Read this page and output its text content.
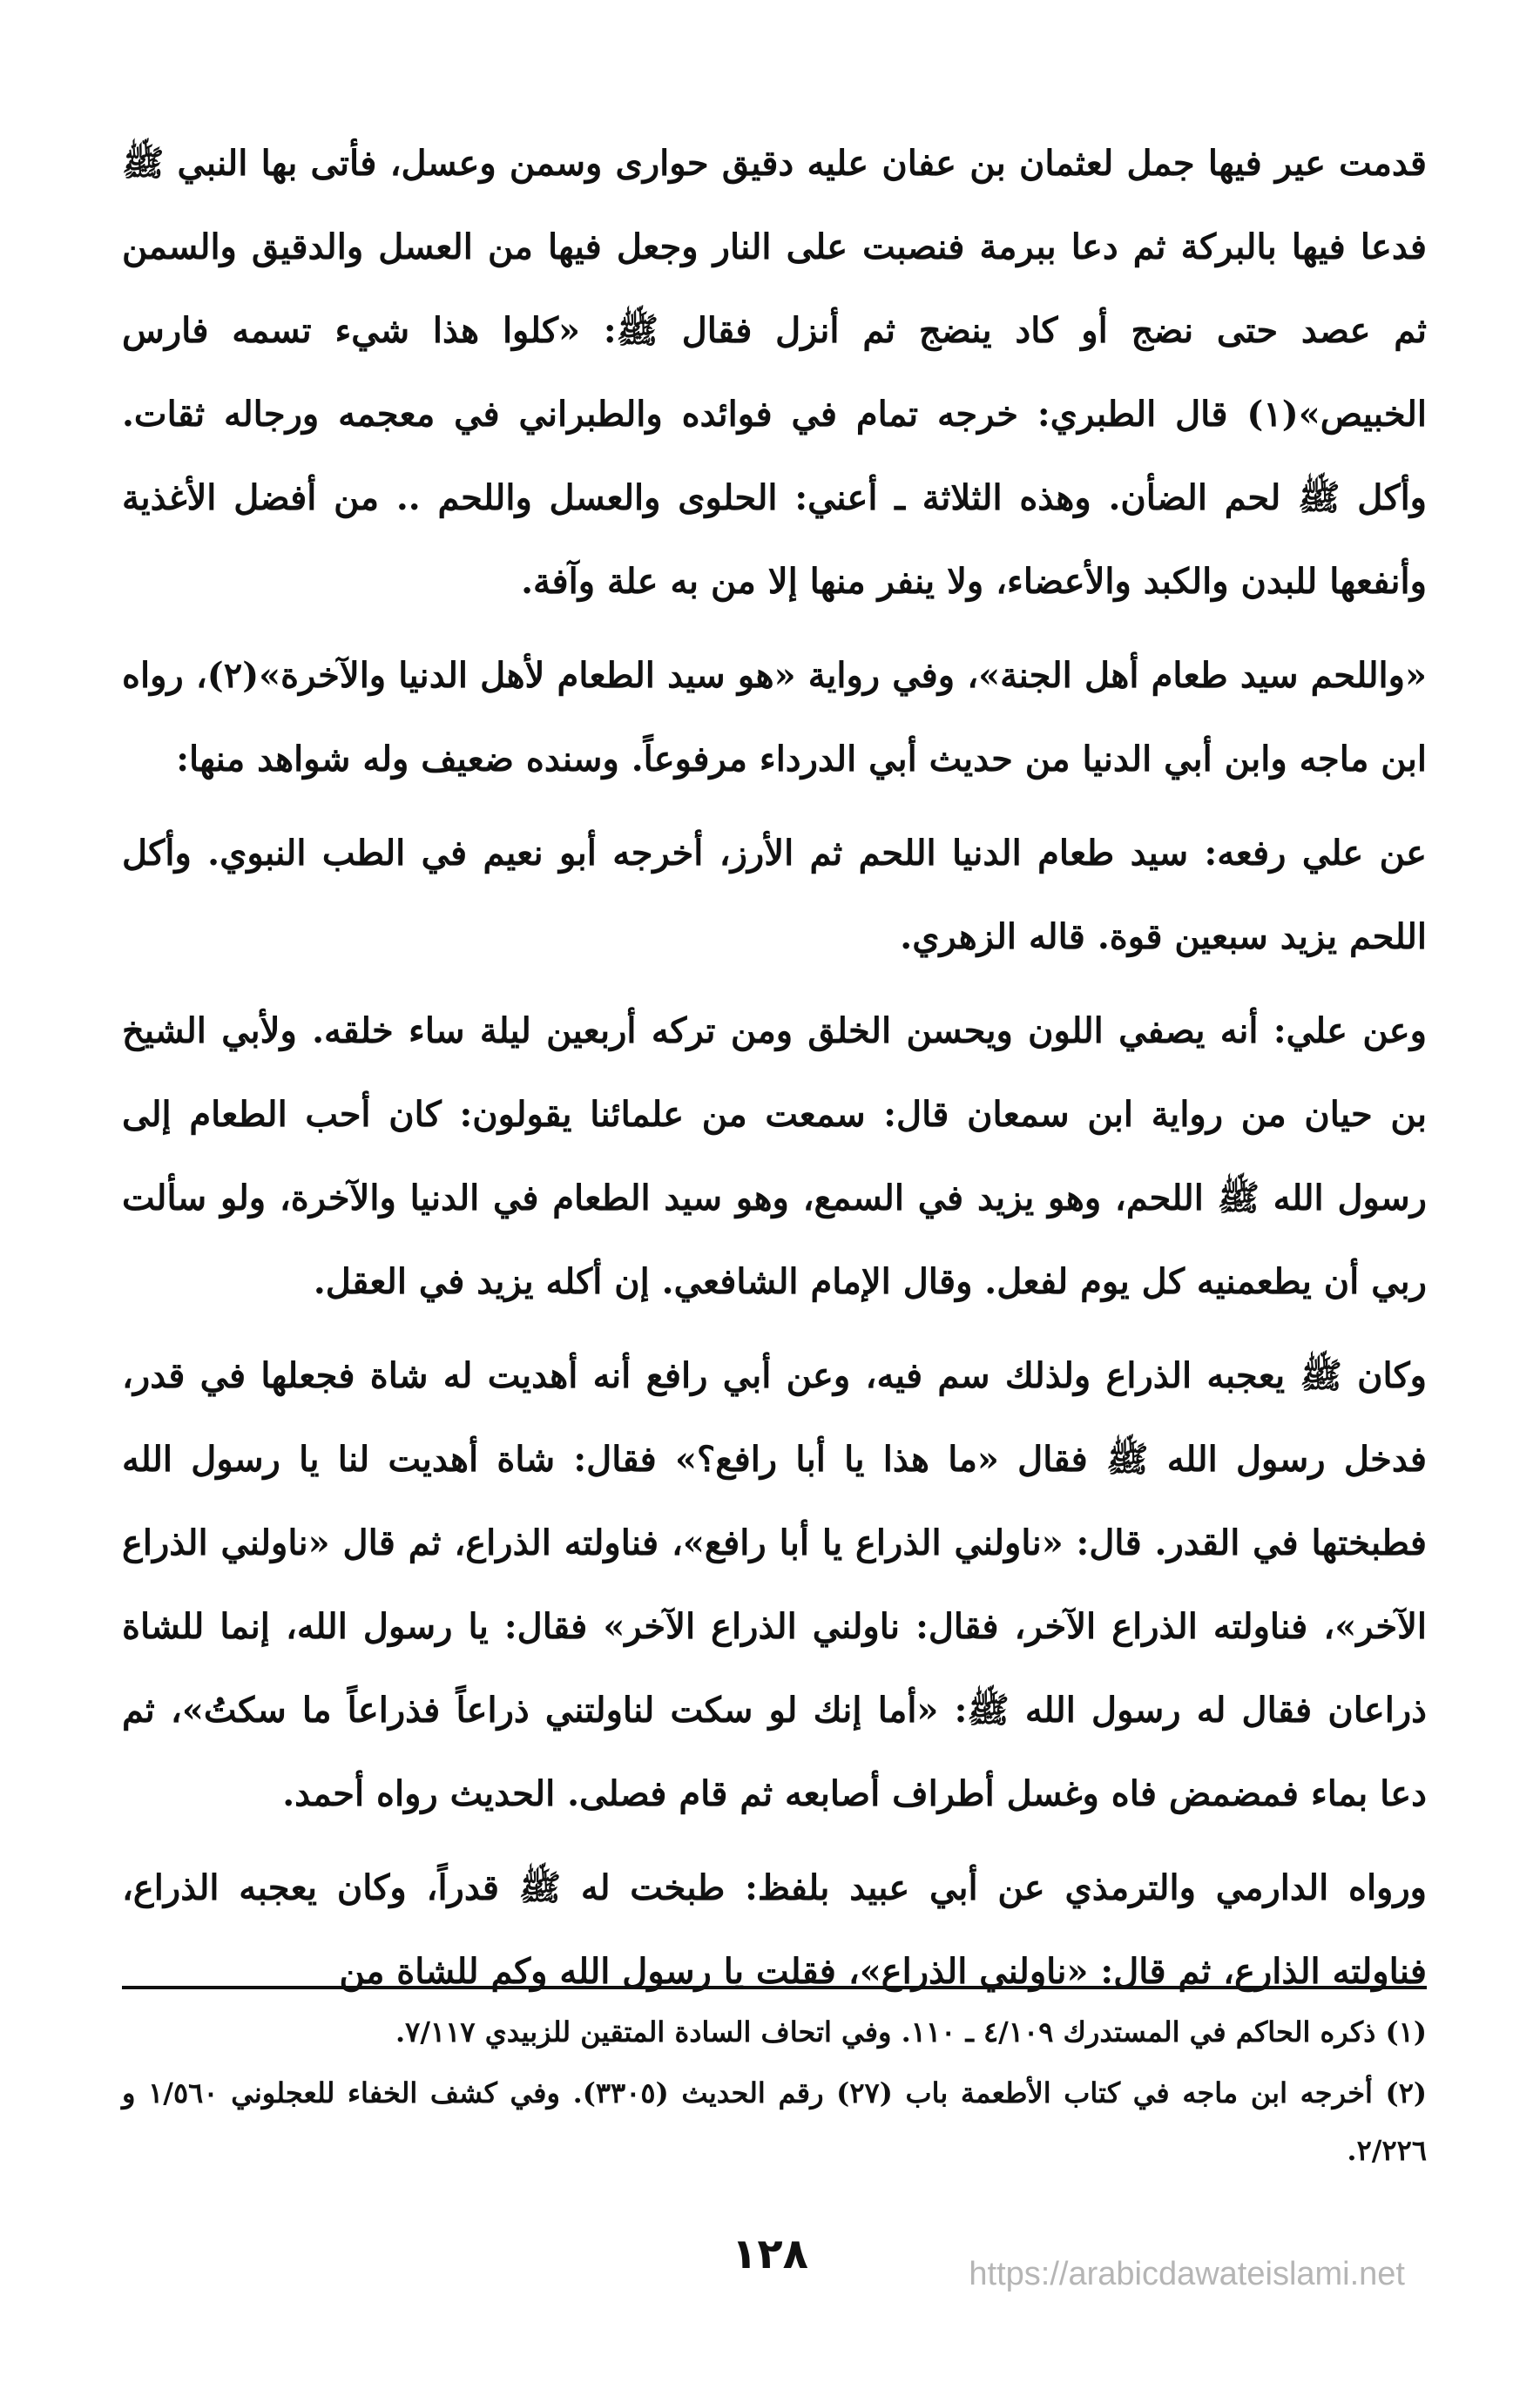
قدمت عير فيها جمل لعثمان بن عفان عليه دقيق حوارى وسمن وعسل، فأتى بها النبي ﷺ فدعا فيها بالبركة ثم دعا ببرمة فنصبت على النار وجعل فيها من العسل والدقيق والسمن ثم عصد حتى نضج أو كاد ينضج ثم أنزل فقال ﷺ: «كلوا هذا شيء تسمه فارس الخبيص»(١) قال الطبري: خرجه تمام في فوائده والطبراني في معجمه ورجاله ثقات. وأكل ﷺ لحم الضأن. وهذه الثلاثة ـ أعني: الحلوى والعسل واللحم .. من أفضل الأغذية وأنفعها للبدن والكبد والأعضاء، ولا ينفر منها إلا من به علة وآفة.

«واللحم سيد طعام أهل الجنة»، وفي رواية «هو سيد الطعام لأهل الدنيا والآخرة»(٢)، رواه ابن ماجه وابن أبي الدنيا من حديث أبي الدرداء مرفوعاً. وسنده ضعيف وله شواهد منها:

عن علي رفعه: سيد طعام الدنيا اللحم ثم الأرز، أخرجه أبو نعيم في الطب النبوي. وأكل اللحم يزيد سبعين قوة. قاله الزهري.

وعن علي: أنه يصفي اللون ويحسن الخلق ومن تركه أربعين ليلة ساء خلقه. ولأبي الشيخ بن حيان من رواية ابن سمعان قال: سمعت من علمائنا يقولون: كان أحب الطعام إلى رسول الله ﷺ اللحم، وهو يزيد في السمع، وهو سيد الطعام في الدنيا والآخرة، ولو سألت ربي أن يطعمنيه كل يوم لفعل. وقال الإمام الشافعي. إن أكله يزيد في العقل.

وكان ﷺ يعجبه الذراع ولذلك سم فيه، وعن أبي رافع أنه أهديت له شاة فجعلها في قدر، فدخل رسول الله ﷺ فقال «ما هذا يا أبا رافع؟» فقال: شاة أهديت لنا يا رسول الله فطبختها في القدر. قال: «ناولني الذراع يا أبا رافع»، فناولته الذراع، ثم قال «ناولني الذراع الآخر»، فناولته الذراع الآخر، فقال: ناولني الذراع الآخر» فقال: يا رسول الله، إنما للشاة ذراعان فقال له رسول الله ﷺ: «أما إنك لو سكت لناولتني ذراعاً فذراعاً ما سكتُ»، ثم دعا بماء فمضمض فاه وغسل أطراف أصابعه ثم قام فصلى. الحديث رواه أحمد.

ورواه الدارمي والترمذي عن أبي عبيد بلفظ: طبخت له ﷺ قدراً، وكان يعجبه الذراع، فناولته الذارع، ثم قال: «ناولني الذراع»، فقلت يا رسول الله وكم للشاة من

(١) ذكره الحاكم في المستدرك ٤/١٠٩ ـ ١١٠. وفي اتحاف السادة المتقين للزبيدي ٧/١١٧.

(٢) أخرجه ابن ماجه في كتاب الأطعمة باب (٢٧) رقم الحديث (٣٣٠٥). وفي كشف الخفاء للعجلوني ١/٥٦٠ و ٢/٢٢٦.

١٢٨	https://arabicdawateislami.net
